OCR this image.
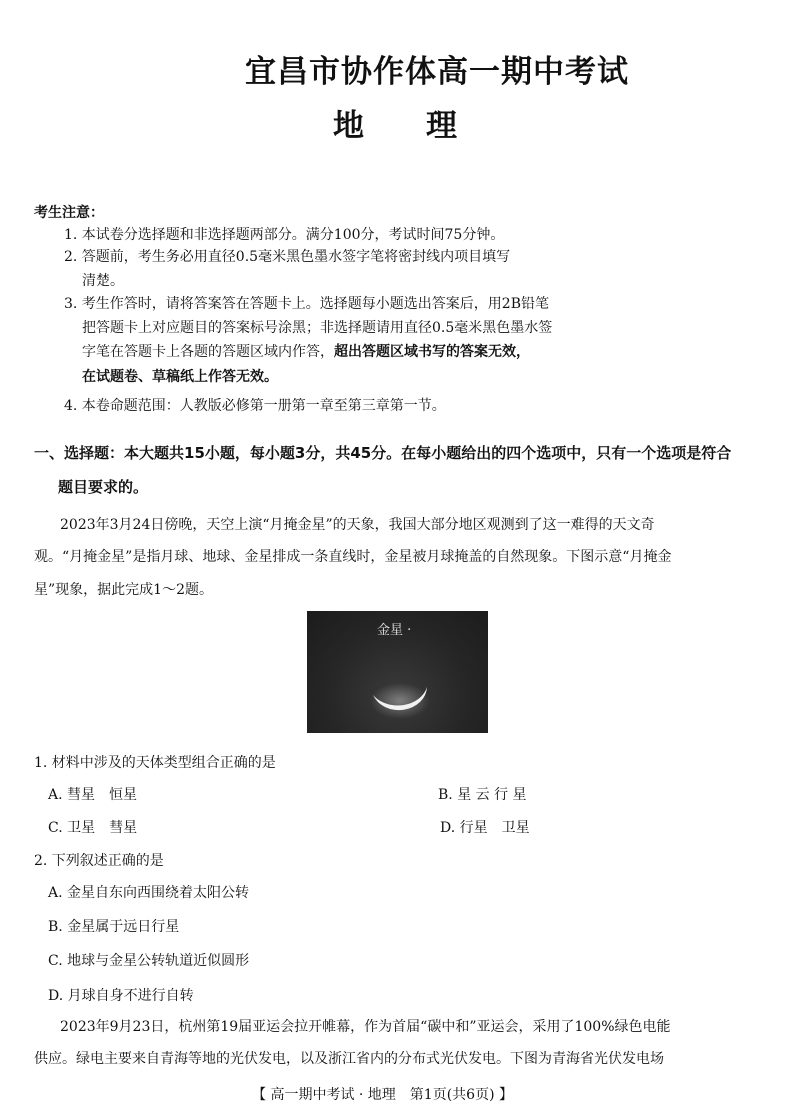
宜昌市协作体高一期中考试
地　　理
考生注意：
1. 本试卷分选择题和非选择题两部分。满分100分，考试时间75分钟。
2. 答题前，考生务必用直径0.5毫米黑色墨水签字笔将密封线内项目填写
清楚。
3. 考生作答时，请将答案答在答题卡上。选择题每小题选出答案后，用2B铅笔
把答题卡上对应题目的答案标号涂黑；非选择题请用直径0.5毫米黑色墨水签
字笔在答题卡上各题的答题区域内作答，超出答题区域书写的答案无效，
在试题卷、草稿纸上作答无效。
4. 本卷命题范围：人教版必修第一册第一章至第三章第一节。
一、选择题：本大题共15小题，每小题3分，共45分。在每小题给出的四个选项中，只有一个选项是符合
题目要求的。
2023年3月24日傍晚，天空上演“月掩金星”的天象，我国大部分地区观测到了这一难得的天文奇
观。“月掩金星”是指月球、地球、金星排成一条直线时，金星被月球掩盖的自然现象。下图示意“月掩金
星”现象，据此完成1～2题。
金星 ·
1. 材料中涉及的天体类型组合正确的是
A. 彗星　恒星	B. 星 云 行 星
C. 卫星　彗星	D. 行星　卫星
2. 下列叙述正确的是
A. 金星自东向西围绕着太阳公转
B. 金星属于远日行星
C. 地球与金星公转轨道近似圆形
D. 月球自身不进行自转
2023年9月23日，杭州第19届亚运会拉开帷幕，作为首届“碳中和”亚运会，采用了100%绿色电能
供应。绿电主要来自青海等地的光伏发电，以及浙江省内的分布式光伏发电。下图为青海省光伏发电场
【 高一期中考试 · 地理　第1页(共6页) 】
